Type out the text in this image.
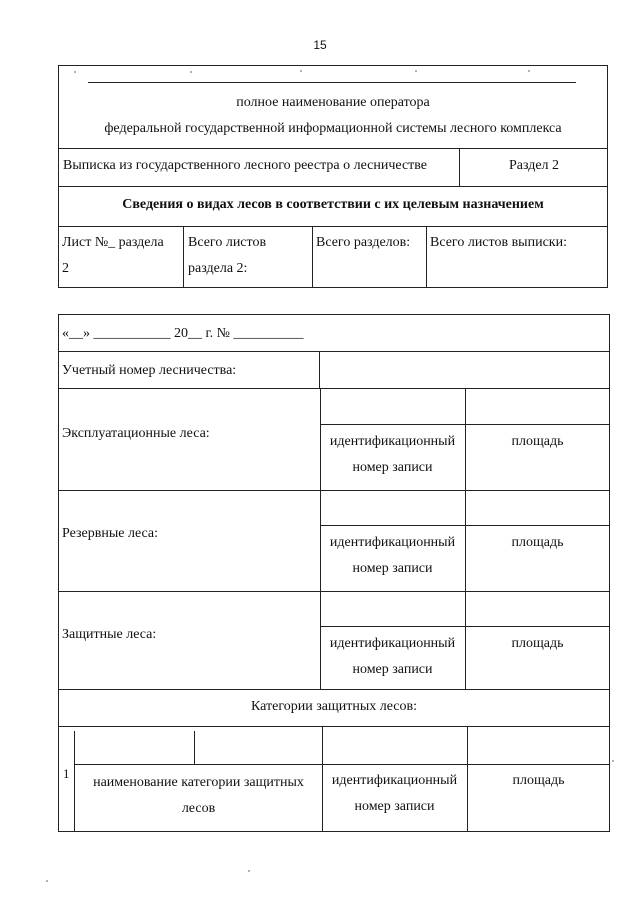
15
полное наименование оператора
федеральной государственной информационной системы лесного комплекса
Выписка из государственного лесного реестра о лесничестве	Раздел 2
Сведения о видах лесов в соответствии с их целевым назначением
Лист №_ раздела
2
Всего листов
раздела 2:
Всего разделов: Всего листов выписки:
«__» ___________ 20__ г. № __________
Учетный номер лесничества:
Эксплуатационные леса:
идентификационный
номер записи
площадь
Резервные леса:
идентификационный
номер записи
площадь
Защитные леса:
идентификационный
номер записи
площадь
Категории защитных лесов:
1
наименование категории защитных
лесов
идентификационный
номер записи
площадь
